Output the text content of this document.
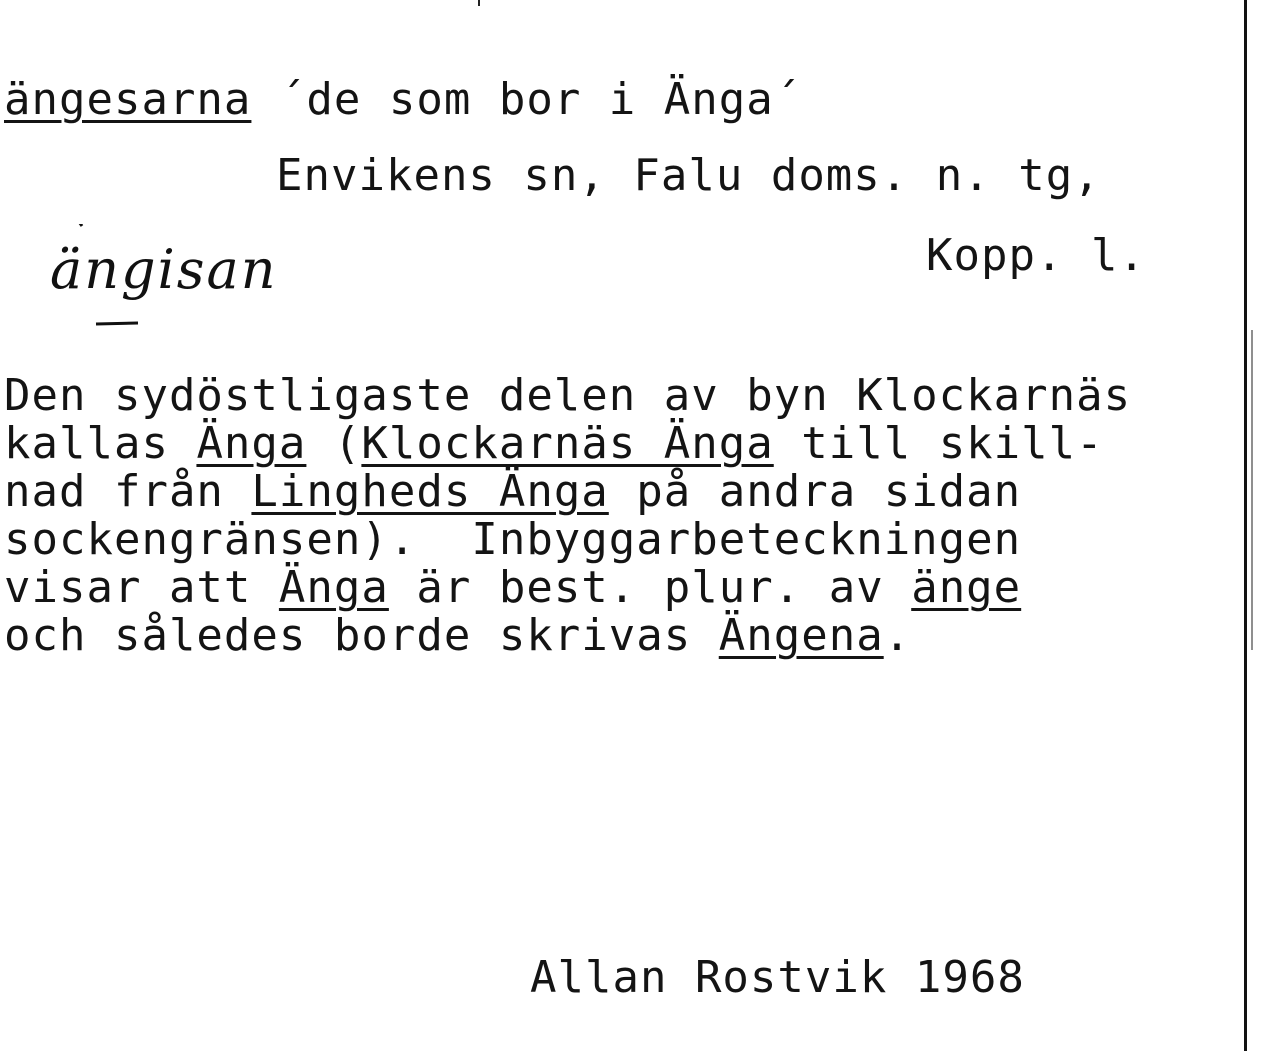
ängesarna ´de som bor i Änga´
Envikens sn, Falu doms. n. tg,
Kopp. l.
ängisan
Den sydöstligaste delen av byn Klockarnäs
kallas Änga (Klockarnäs Änga till skill-
nad från Lingheds Änga på andra sidan
sockengränsen).  Inbyggarbeteckningen
visar att Änga är best. plur. av änge
och således borde skrivas Ängena.
Allan Rostvik 1968
